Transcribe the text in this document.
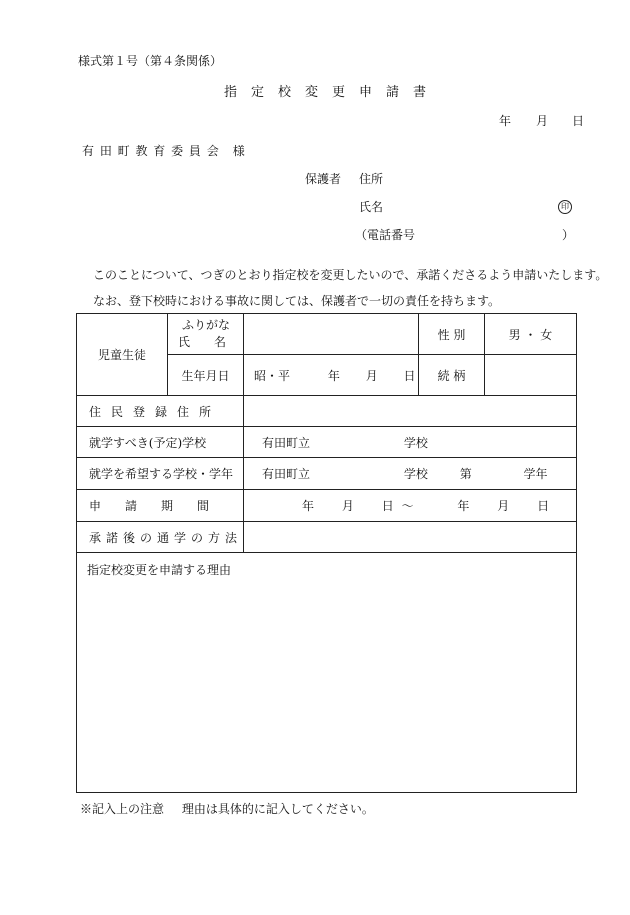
様式第１号（第４条関係）
指定校変更申請書
年 月 日
有 田 町 教 育 委 員 会　様
保護者 住所
氏名	印
（電話番号	）
このことについて、つぎのとおり指定校を変更したいので、承諾くださるよう申請いたします。
なお、登下校時における事故に関しては、保護者で一切の責任を持ちます。
児童生徒	ふりがな
氏　　名		性 別	男 ・ 女
	生年月日	昭・平 年 月 日	続 柄	
住民登録住所				
就学すべき(予定)学校		有田町立 学校		
就学を希望する学校・学年		有田町立 学校 第 学年		
申請期間		年 月 日 ～ 年 月 日		
承諾後の通学の方法				
指定校変更を申請する理由				
※記入上の注意 理由は具体的に記入してください。
